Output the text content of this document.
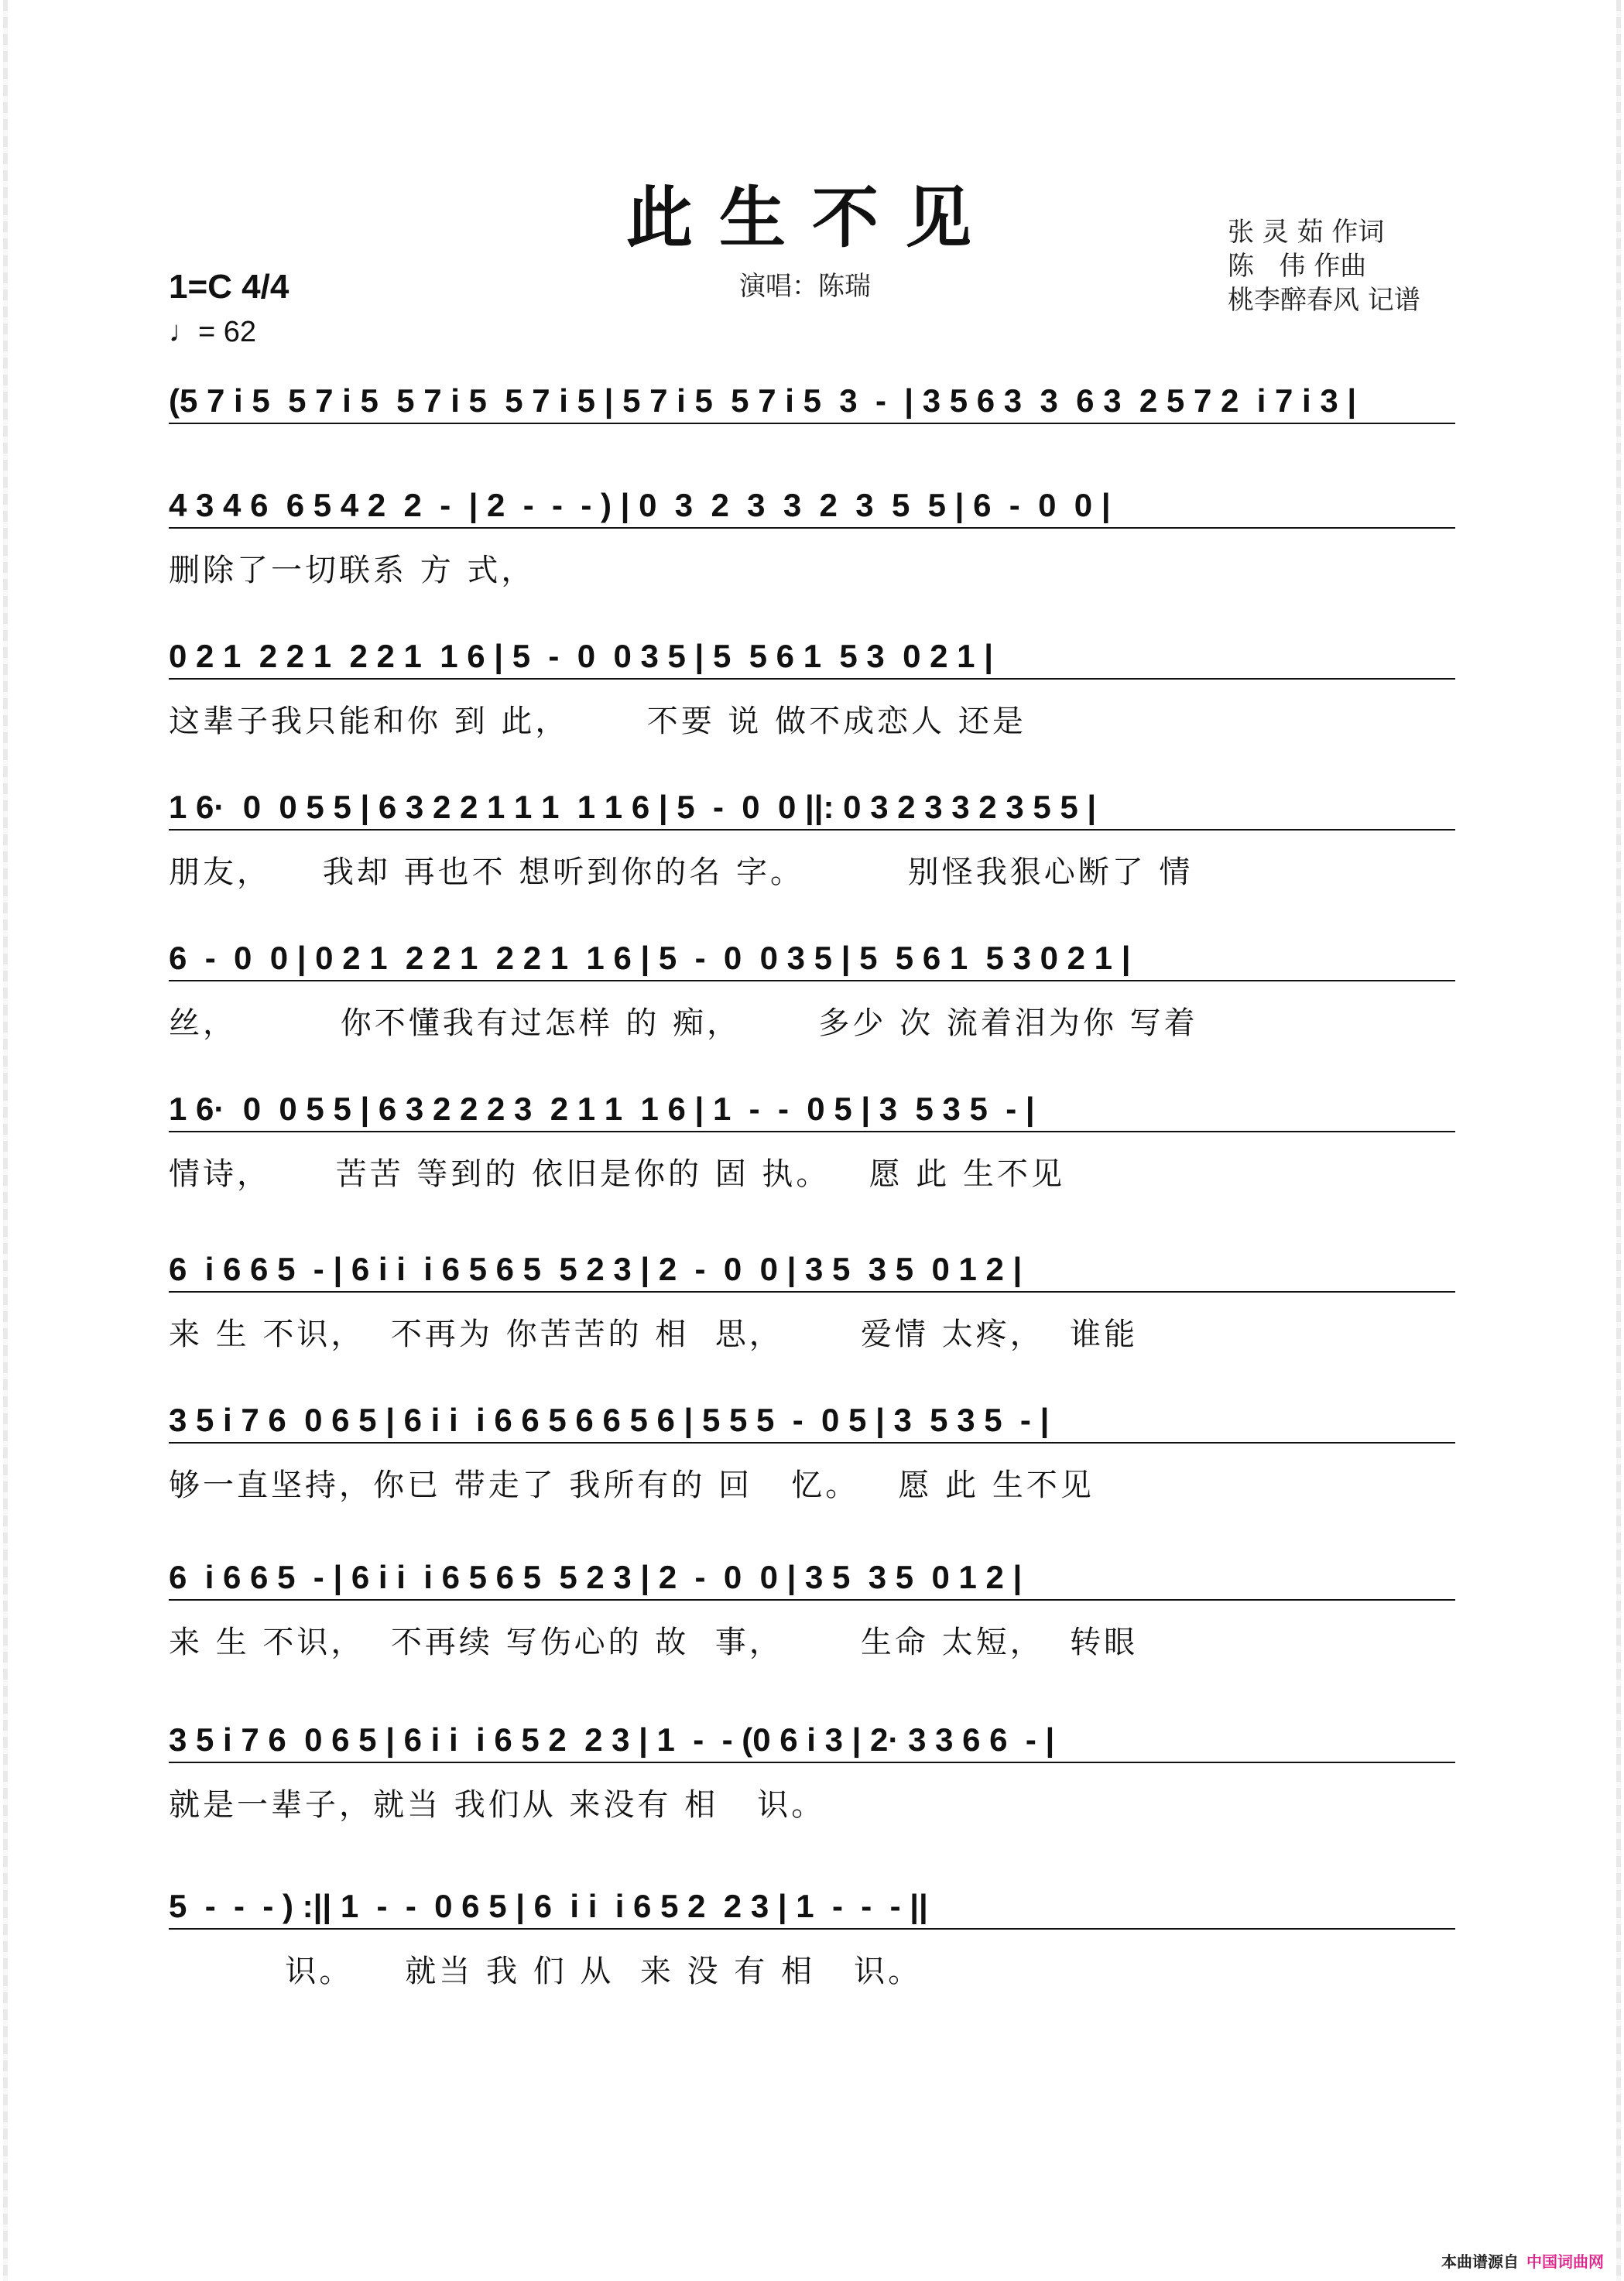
此生不见	张 灵 茹 作词
陈   伟 作曲
桃李醉春风 记谱
演唱：陈瑞
1=C 4/4
♩= 62
(5 7 i 5  5 7 i 5  5 7 i 5  5 7 i 5 | 5 7 i 5  5 7 i 5  3  -  | 3 5 6 3  3  6 3  2 5 7 2  i 7 i 3 |
4 3 4 6  6 5 4 2  2  -  | 2  -  -  - ) | 0  3  2  3  3  2  3  5  5 | 6  -  0  0 |
删除了一切联系 方 式，
0 2 1  2 2 1  2 2 1  1 6 | 5  -  0  0 3 5 | 5  5 6 1  5 3  0 2 1 |
这辈子我只能和你 到 此，      不要 说 做不成恋人 还是
1 6·  0  0 5 5 | 6 3 2 2 1 1 1  1 1 6 | 5  -  0  0 ||: 0 3 2 3 3 2 3 5 5 |
朋友，    我却 再也不 想听到你的名 字。        别怪我狠心断了 情
6  -  0  0 | 0 2 1  2 2 1  2 2 1  1 6 | 5  -  0  0 3 5 | 5  5 6 1  5 3 0 2 1 |
丝，        你不懂我有过怎样 的 痴，      多少 次 流着泪为你 写着
1 6·  0  0 5 5 | 6 3 2 2 2 3  2 1 1  1 6 | 1  -  -  0 5 | 3  5 3 5  - |
情诗，     苦苦 等到的 依旧是你的 固 执。   愿 此 生不见
6  i 6 6 5  - | 6 i i  i 6 5 6 5  5 2 3 | 2  -  0  0 | 3 5  3 5  0 1 2 |
来 生 不识，  不再为 你苦苦的 相  思，      爱情 太疼，  谁能
3 5 i 7 6  0 6 5 | 6 i i  i 6 6 5 6 6 5 6 | 5 5 5  -  0 5 | 3  5 3 5  - |
够一直坚持，你已 带走了 我所有的 回   忆。   愿 此 生不见
6  i 6 6 5  - | 6 i i  i 6 5 6 5  5 2 3 | 2  -  0  0 | 3 5  3 5  0 1 2 |
来 生 不识，  不再续 写伤心的 故  事，      生命 太短，  转眼
3 5 i 7 6  0 6 5 | 6 i i  i 6 5 2  2 3 | 1  -  - (0 6 i 3 | 2· 3 3 6 6  - |
就是一辈子，就当 我们从 来没有 相   识。
5  -  -  - ) :|| 1  -  -  0 6 5 | 6  i i  i 6 5 2  2 3 | 1  -  -  - ||
识。    就当 我 们 从  来 没 有 相   识。
本曲谱源自 中国词曲网
